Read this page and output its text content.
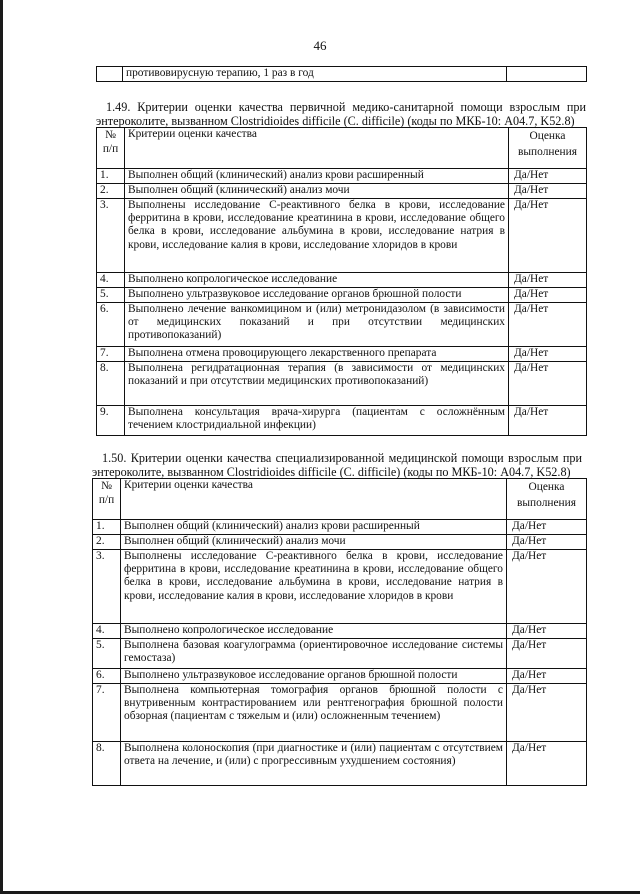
46
	противовирусную терапию, 1 раз в год	
1.49. Критерии оценки качества первичной медико-санитарной помощи взрослым при энтероколите, вызванном Clostridioides difficile (C. difficile) (коды по МКБ-10: A04.7, K52.8)
№ п/п	Критерии оценки качества	Оценка выполнения
1.	Выполнен общий (клинический) анализ крови расширенный	Да/Нет
2.	Выполнен общий (клинический) анализ мочи	Да/Нет
3.	Выполнены исследование С-реактивного белка в крови, исследование ферритина в крови, исследование креатинина в крови, исследование общего белка в крови, исследование альбумина в крови, исследование натрия в крови, исследование калия в крови, исследование хлоридов в крови	Да/Нет
4.	Выполнено копрологическое исследование	Да/Нет
5.	Выполнено ультразвуковое исследование органов брюшной полости	Да/Нет
6.	Выполнено лечение ванкомицином и (или) метронидазолом (в зависимости от медицинских показаний и при отсутствии медицинских противопоказаний)	Да/Нет
7.	Выполнена отмена провоцирующего лекарственного препарата	Да/Нет
8.	Выполнена регидратационная терапия (в зависимости от медицинских показаний и при отсутствии медицинских противопоказаний)	Да/Нет
9.	Выполнена консультация врача-хирурга (пациентам с осложнённым течением клостридиальной инфекции)	Да/Нет
1.50. Критерии оценки качества специализированной медицинской помощи взрослым при энтероколите, вызванном Clostridioides difficile (C. difficile) (коды по МКБ-10: A04.7, K52.8)
№ п/п	Критерии оценки качества	Оценка выполнения
1.	Выполнен общий (клинический) анализ крови расширенный	Да/Нет
2.	Выполнен общий (клинический) анализ мочи	Да/Нет
3.	Выполнены исследование С-реактивного белка в крови, исследование ферритина в крови, исследование креатинина в крови, исследование общего белка в крови, исследование альбумина в крови, исследование натрия в крови, исследование калия в крови, исследование хлоридов в крови	Да/Нет
4.	Выполнено копрологическое исследование	Да/Нет
5.	Выполнена базовая коагулограмма (ориентировочное исследование системы гемостаза)	Да/Нет
6.	Выполнено ультразвуковое исследование органов брюшной полости	Да/Нет
7.	Выполнена компьютерная томография органов брюшной полости с внутривенным контрастированием или рентгенография брюшной полости обзорная (пациентам с тяжелым и (или) осложненным течением)	Да/Нет
8.	Выполнена колоноскопия (при диагностике и (или) пациентам с отсутствием ответа на лечение, и (или) с прогрессивным ухудшением состояния)	Да/Нет
